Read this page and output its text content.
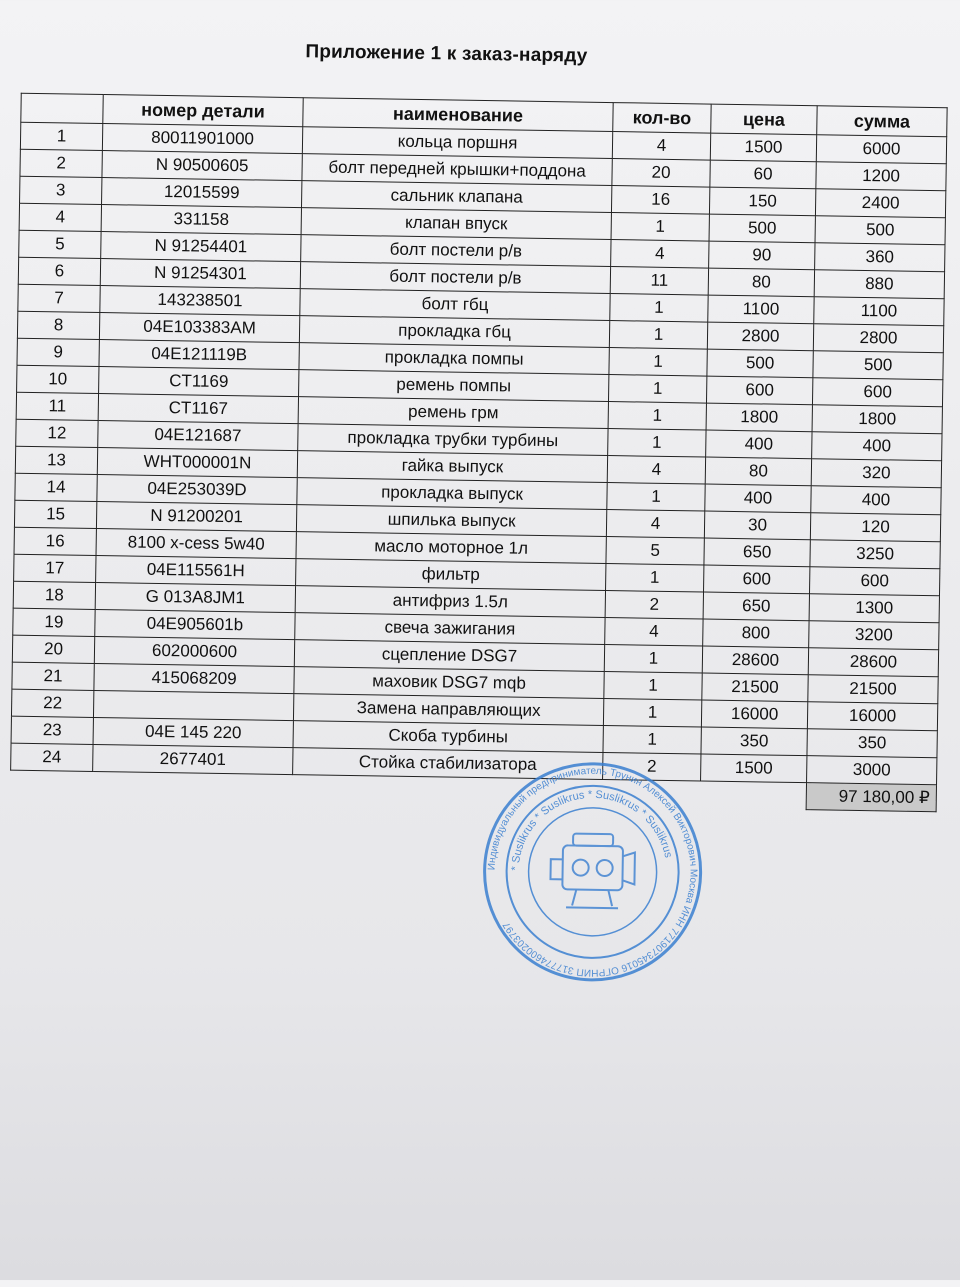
Приложение 1 к заказ-наряду
	номер детали	наименование	кол-во	цена	сумма
1	80011901000	кольца поршня	4	1500	6000
2	N 90500605	болт передней крышки+поддона	20	60	1200
3	12015599	сальник клапана	16	150	2400
4	331158	клапан впуск	1	500	500
5	N 91254401	болт постели р/в	4	90	360
6	N 91254301	болт постели р/в	11	80	880
7	143238501	болт гбц	1	1100	1100
8	04E103383AM	прокладка гбц	1	2800	2800
9	04E121119B	прокладка помпы	1	500	500
10	CT1169	ремень помпы	1	600	600
11	CT1167	ремень грм	1	1800	1800
12	04E121687	прокладка трубки турбины	1	400	400
13	WHT000001N	гайка выпуск	4	80	320
14	04E253039D	прокладка выпуск	1	400	400
15	N 91200201	шпилька выпуск	4	30	120
16	8100 x-cess 5w40	масло моторное 1л	5	650	3250
17	04E115561H	фильтр	1	600	600
18	G 013A8JM1	антифриз 1.5л	2	650	1300
19	04E905601b	свеча зажигания	4	800	3200
20	602000600	сцепление DSG7	1	28600	28600
21	415068209	маховик DSG7 mqb	1	21500	21500
22		Замена направляющих	1	16000	16000
23	04E 145 220	Скоба турбины	1	350	350
24	2677401	Стойка стабилизатора	2	1500	3000
					97 180,00 ₽
Индивидуальный предприниматель Трунин Алексей Викторович Москва ИНН 771907345016 ОГРНИП 317774600203797
* Suslikrus * Suslikrus * Suslikrus * Suslikrus
